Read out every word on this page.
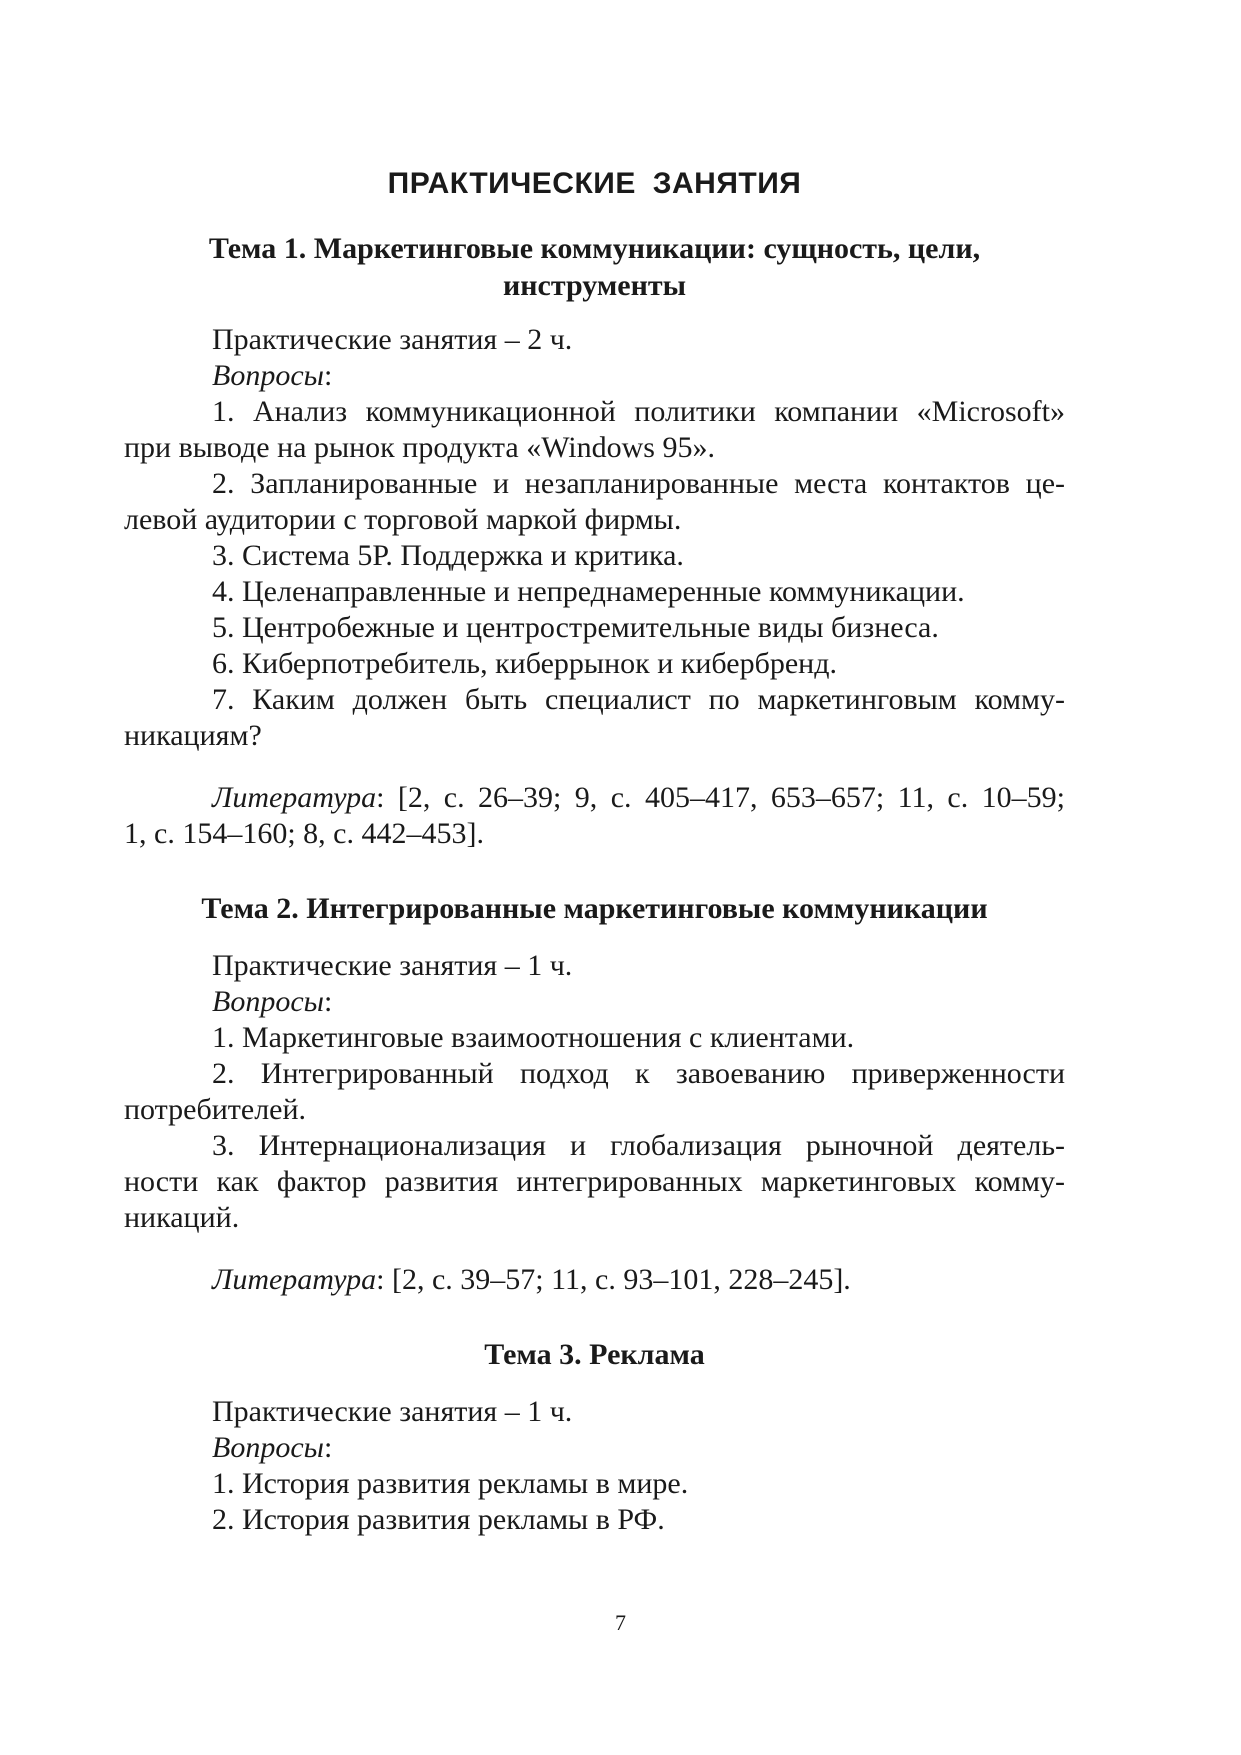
ПРАКТИЧЕСКИЕ ЗАНЯТИЯ
Тема 1. Маркетинговые коммуникации: сущность, цели,
инструменты
Практические занятия – 2 ч.
Вопросы:
1. Анализ коммуникационной политики компании «Microsoft»
при выводе на рынок продукта «Windows 95».
2. Запланированные и незапланированные места контактов це-
левой аудитории с торговой маркой фирмы.
3. Система 5Р. Поддержка и критика.
4. Целенаправленные и непреднамеренные коммуникации.
5. Центробежные и центростремительные виды бизнеса.
6. Киберпотребитель, киберрынок и кибербренд.
7. Каким должен быть специалист по маркетинговым комму-
никациям?
Литература: [2, с. 26–39; 9, с. 405–417, 653–657; 11, с. 10–59;
1, с. 154–160; 8, с. 442–453].
Тема 2. Интегрированные маркетинговые коммуникации
Практические занятия – 1 ч.
Вопросы:
1. Маркетинговые взаимоотношения с клиентами.
2. Интегрированный подход к завоеванию приверженности
потребителей.
3. Интернационализация и глобализация рыночной деятель-
ности как фактор развития интегрированных маркетинговых комму-
никаций.
Литература: [2, с. 39–57; 11, с. 93–101, 228–245].
Тема 3. Реклама
Практические занятия – 1 ч.
Вопросы:
1. История развития рекламы в мире.
2. История развития рекламы в РФ.
7
